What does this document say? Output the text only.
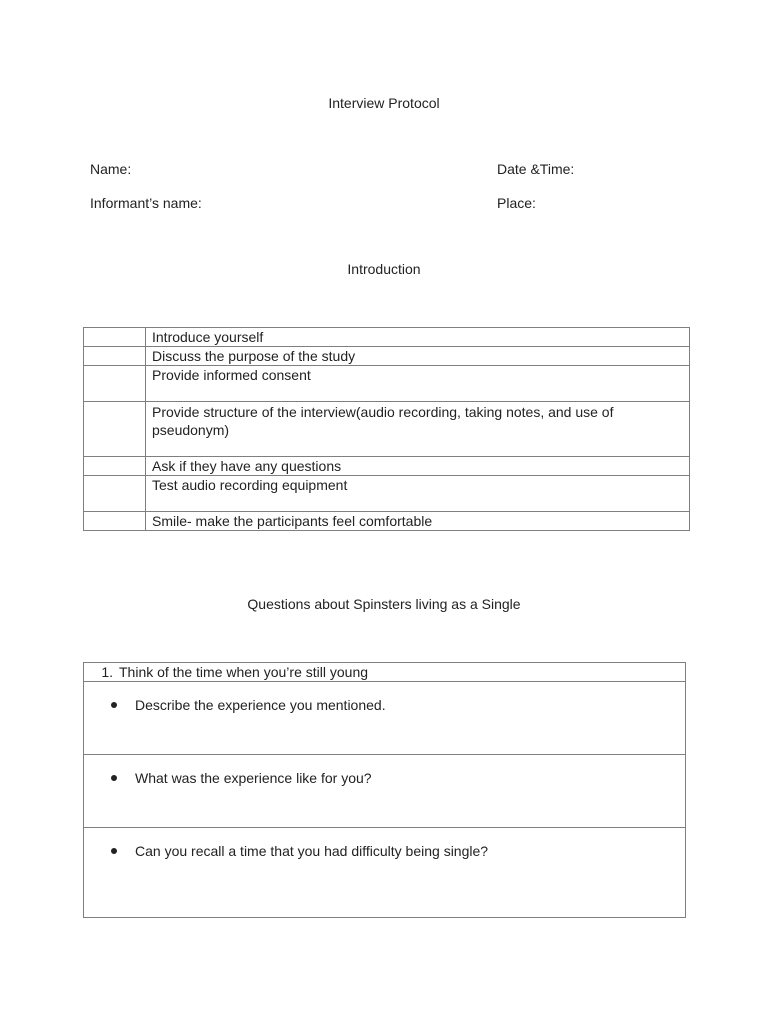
Interview Protocol
Name:	Date &Time:
Informant’s name:	Place:
Introduction
	Introduce yourself
	Discuss the purpose of the study
	Provide informed consent
	Provide structure of the interview(audio recording, taking notes, and use of pseudonym)
	Ask if they have any questions
	Test audio recording equipment
	Smile- make the participants feel comfortable
Questions about Spinsters living as a Single
1. Think of the time when you’re still young

Describe the experience you mentioned.

What was the experience like for you?

Can you recall a time that you had difficulty being single?
